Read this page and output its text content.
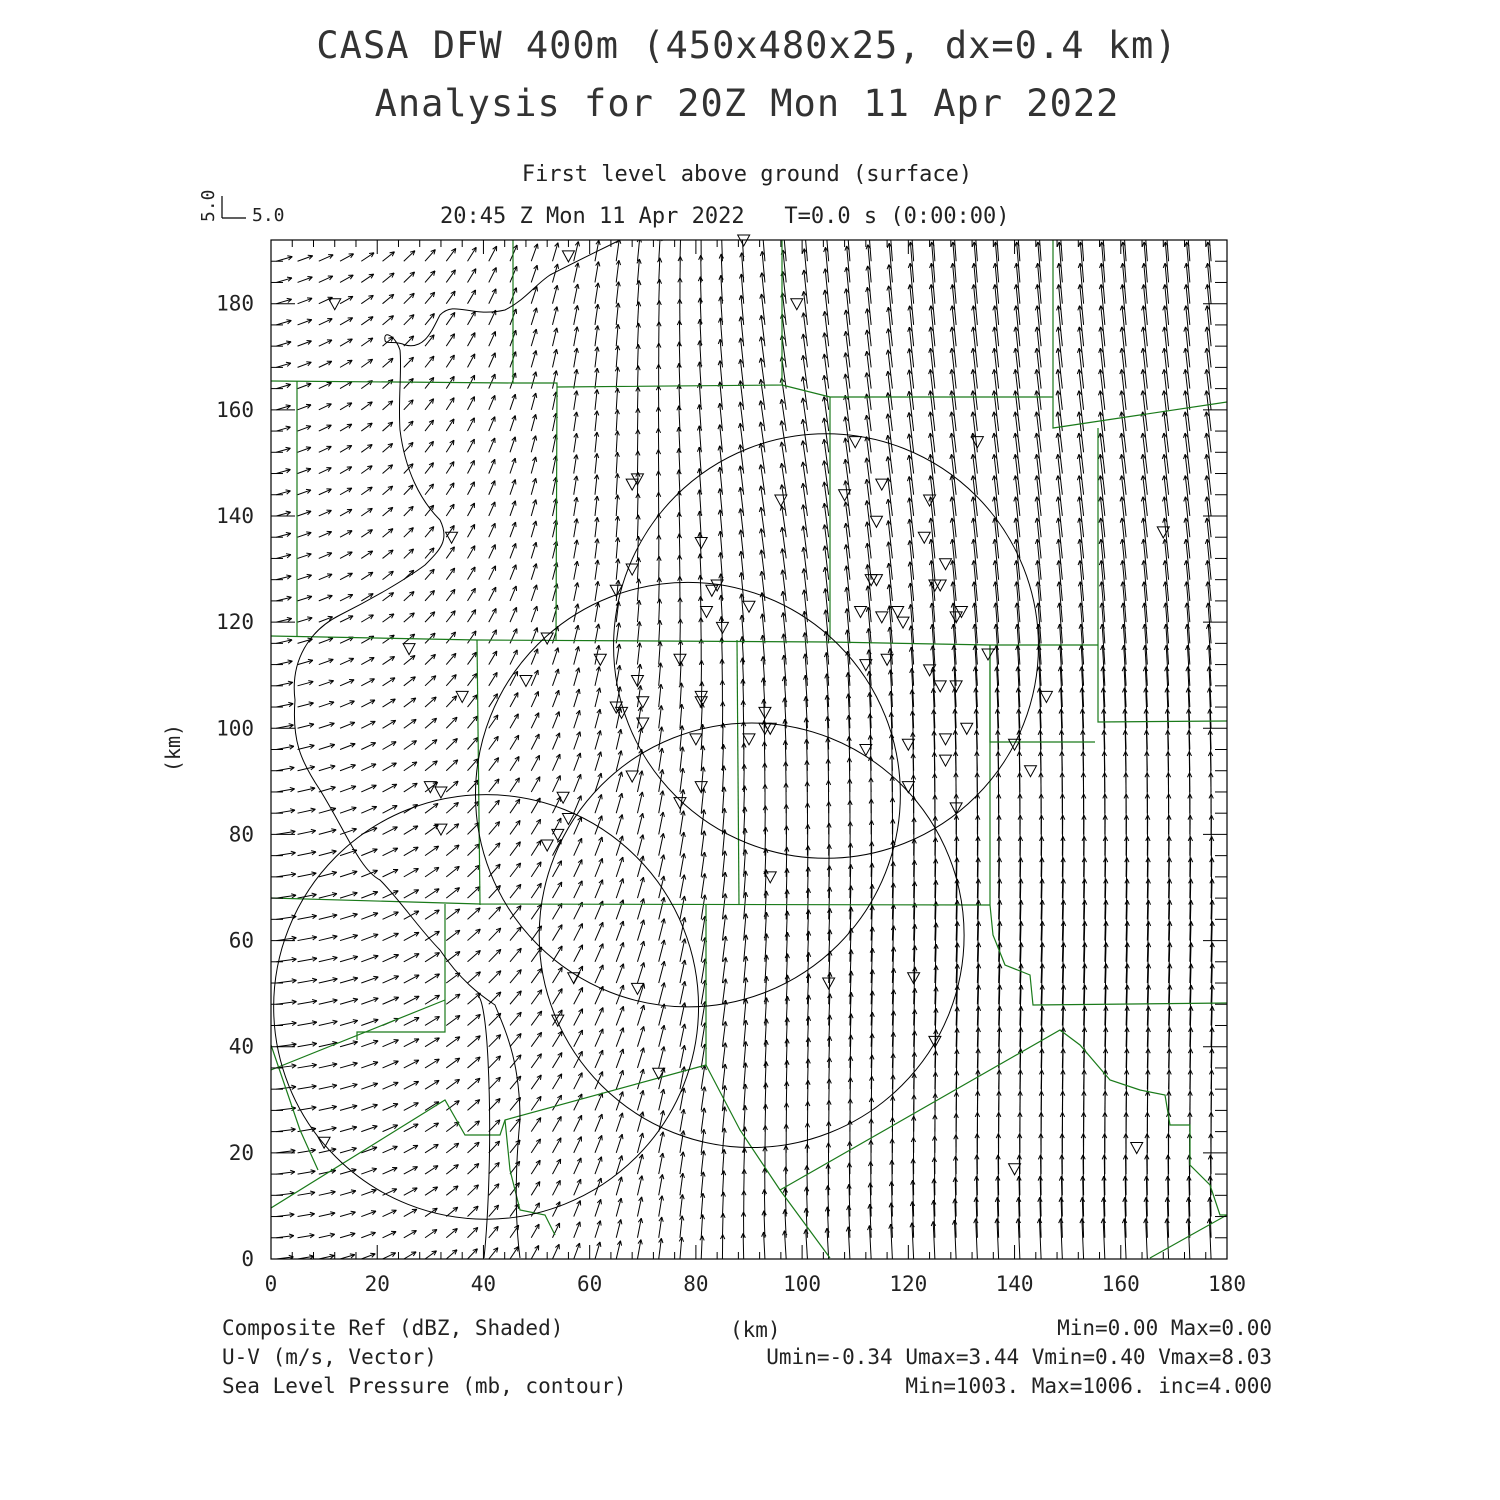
CASA DFW 400m (450x480x25, dx=0.4 km)
Analysis for 20Z Mon 11 Apr 2022
First level above ground (surface)
20:45 Z Mon 11 Apr 2022   T=0.0 s (0:00:00)
0	20	40	60	80	100	120	140	160	180
0
20
40
60
80
100
120
140
160
180
(km)
5.0
5.0
Composite Ref (dBZ, Shaded)
U-V (m/s, Vector)
Sea Level Pressure (mb, contour)
(km)	Min=0.00 Max=0.00
Umin=-0.34 Umax=3.44 Vmin=0.40 Vmax=8.03
Min=1003. Max=1006. inc=4.000
